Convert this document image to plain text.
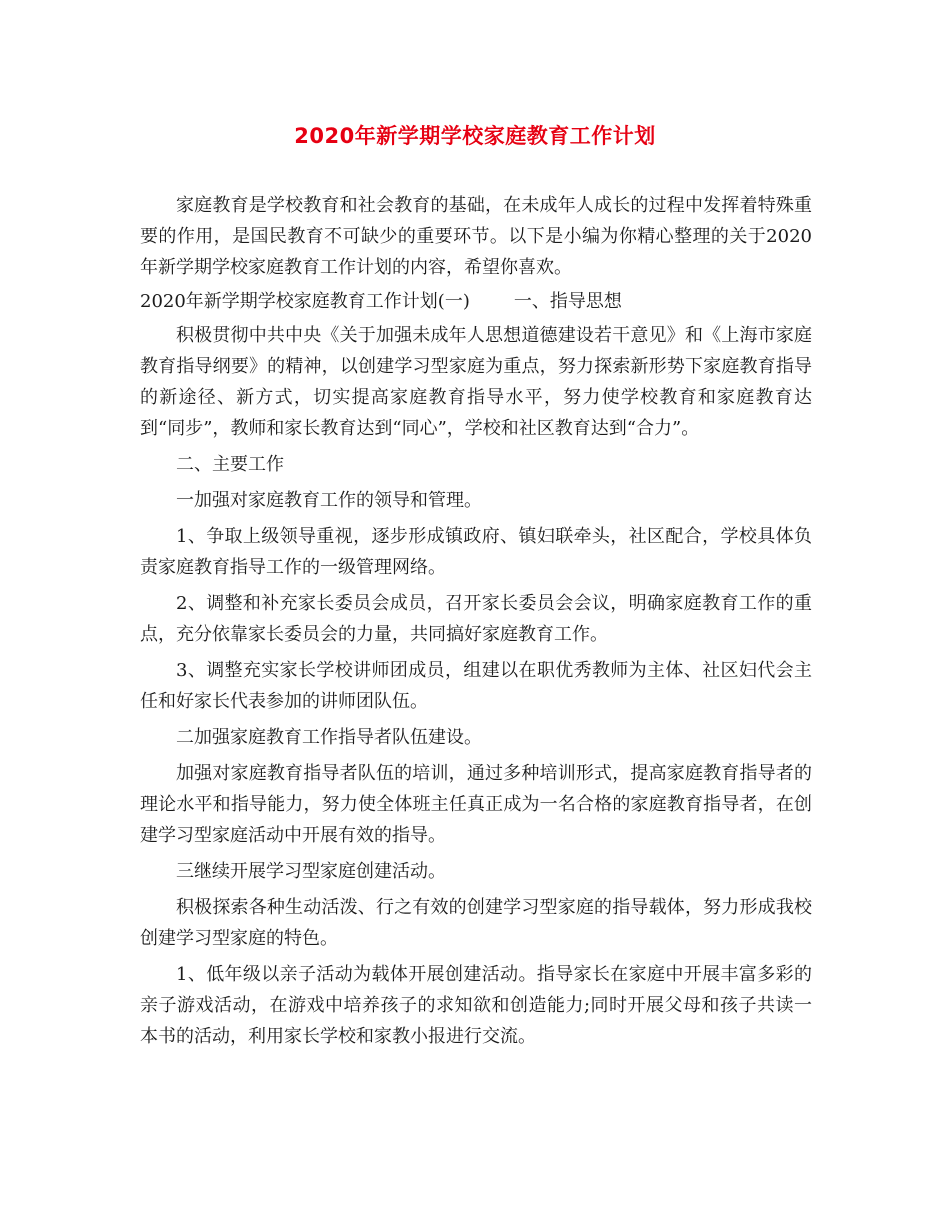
2020年新学期学校家庭教育工作计划

家庭教育是学校教育和社会教育的基础，在未成年人成长的过程中发挥着特殊重要的作用，是国民教育不可缺少的重要环节。以下是小编为你精心整理的关于2020年新学期学校家庭教育工作计划的内容，希望你喜欢。

2020年新学期学校家庭教育工作计划(一) 一、指导思想

积极贯彻中共中央《关于加强未成年人思想道德建设若干意见》和《上海市家庭教育指导纲要》的精神，以创建学习型家庭为重点，努力探索新形势下家庭教育指导的新途径、新方式，切实提高家庭教育指导水平，努力使学校教育和家庭教育达到“同步”，教师和家长教育达到“同心”，学校和社区教育达到“合力”。

二、主要工作

一加强对家庭教育工作的领导和管理。

1、争取上级领导重视，逐步形成镇政府、镇妇联牵头，社区配合，学校具体负责家庭教育指导工作的一级管理网络。

2、调整和补充家长委员会成员，召开家长委员会会议，明确家庭教育工作的重点，充分依靠家长委员会的力量，共同搞好家庭教育工作。

3、调整充实家长学校讲师团成员，组建以在职优秀教师为主体、社区妇代会主任和好家长代表参加的讲师团队伍。

二加强家庭教育工作指导者队伍建设。

加强对家庭教育指导者队伍的培训，通过多种培训形式，提高家庭教育指导者的理论水平和指导能力，努力使全体班主任真正成为一名合格的家庭教育指导者，在创建学习型家庭活动中开展有效的指导。

三继续开展学习型家庭创建活动。

积极探索各种生动活泼、行之有效的创建学习型家庭的指导载体，努力形成我校创建学习型家庭的特色。

1、低年级以亲子活动为载体开展创建活动。指导家长在家庭中开展丰富多彩的亲子游戏活动，在游戏中培养孩子的求知欲和创造能力;同时开展父母和孩子共读一本书的活动，利用家长学校和家教小报进行交流。
